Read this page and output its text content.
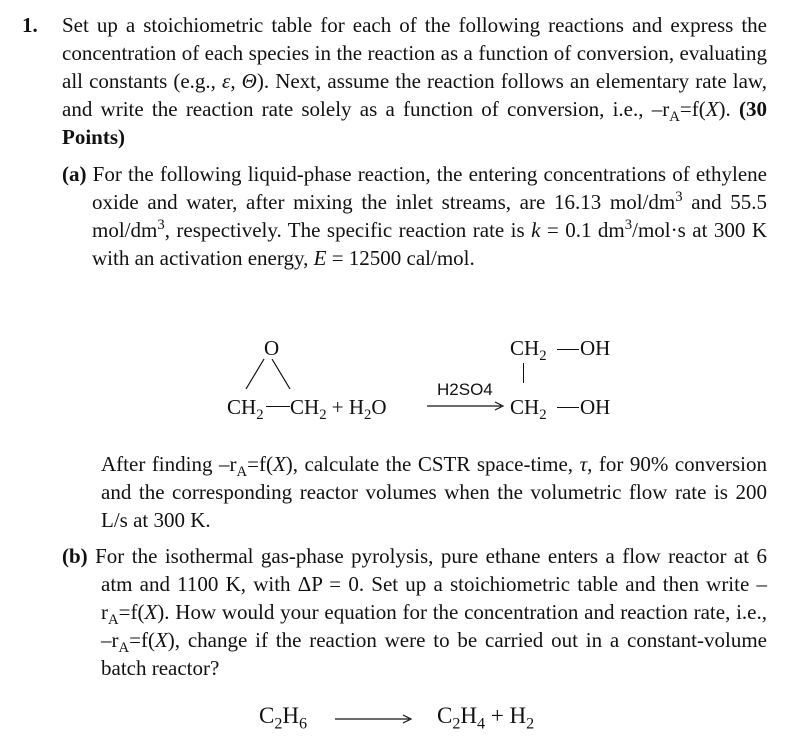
1. Set up a stoichiometric table for each of the following reactions and express the concentration of each species in the reaction as a function of conversion, evaluating all constants (e.g., ε, Θ). Next, assume the reaction follows an elementary rate law, and write the reaction rate solely as a function of conversion, i.e., $-r_A=f(X)$. (30 Points)
(a) For the following liquid-phase reaction, the entering concentrations of ethylene oxide and water, after mixing the inlet streams, are 16.13 mol/$dm^3$ and 55.5 mol/$dm^3$, respectively. The specific reaction rate is k = 0.1 $dm^3/mol\cdot s$ at 300 K with an activation energy, E = 12500 cal/mol.
O
$CH_2$ $CH_2 + H_2O$
H2SO4
$CH_2$ OH
$CH_2$ OH
After finding $-r_A=f(X)$, calculate the CSTR space-time, τ, for 90% conversion and the corresponding reactor volumes when the volumetric flow rate is 200 L/s at 300 K.
(b) For the isothermal gas-phase pyrolysis, pure ethane enters a flow reactor at 6 atm and 1100 K, with ΔP = 0. Set up a stoichiometric table and then write $-r_A=f(X)$. How would your equation for the concentration and reaction rate, i.e., $-r_A=f(X)$, change if the reaction were to be carried out in a constant-volume batch reactor?
$C_2H_6$	$C_2H_4 + H_2$
